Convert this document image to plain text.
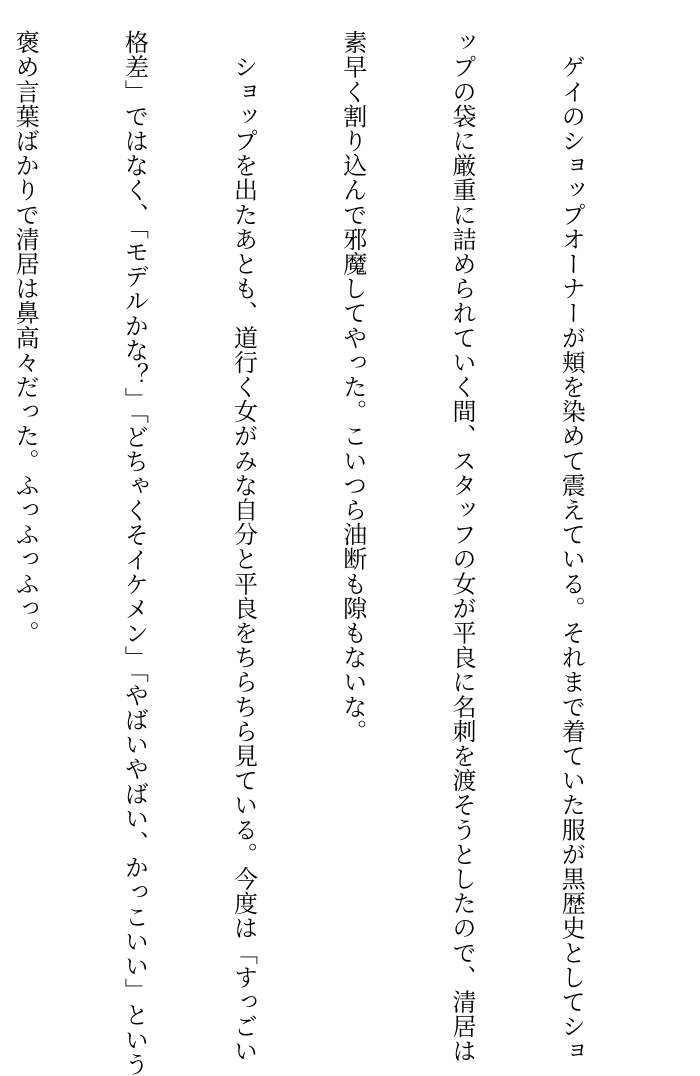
　ゲイのショップオーナーが頬を染めて震えている。それまで着ていた服が黒歴史としてショ

ップの袋に厳重に詰められていく間、スタッフの女が平良に名刺を渡そうとしたので、清居は

素早く割り込んで邪魔してやった。こいつら油断も隙もないな。

　ショップを出たあとも、道行く女がみな自分と平良をちらちら見ている。今度は「すっごい

格差」ではなく、「モデルかな？」「どちゃくそイケメン」「やばいやばい、かっこいい」という

褒め言葉ばかりで清居は鼻高々だった。ふっふっふっ。
